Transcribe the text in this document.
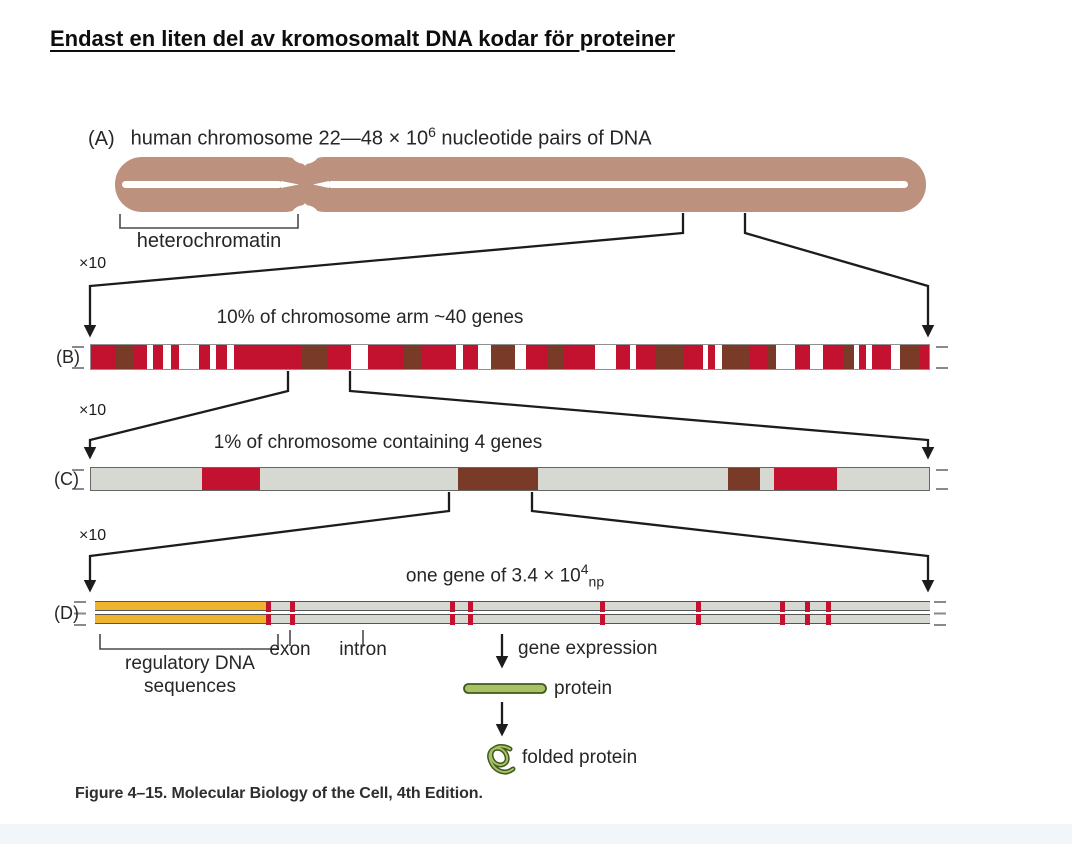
Endast en liten del av kromosomalt DNA kodar för proteiner
(A) human chromosome 22—48 × $10^6$ nucleotide pairs of DNA
heterochromatin
×10
×10
×10
10% of chromosome arm ~40 genes
(B)
1% of chromosome containing 4 genes
(C)
one gene of $3.4 \times 10^4_{np}$
(D)
regulatory DNA
sequences
exon	intron	gene expression
protein
folded protein
Figure 4–15. Molecular Biology of the Cell, 4th Edition.
